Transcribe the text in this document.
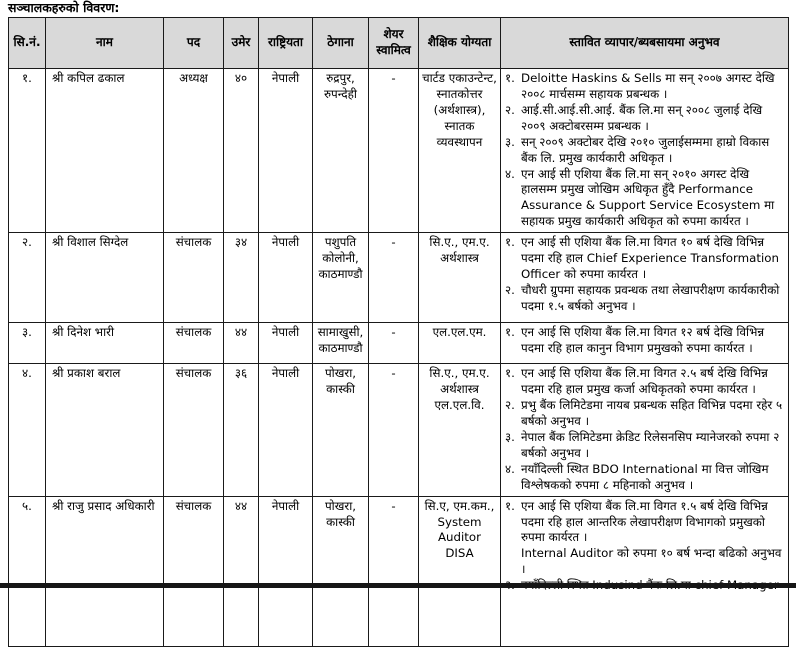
सञ्चालकहरुको विवरण:
सि.नं.	नाम	पद	उमेर	राष्ट्रियता	ठेगाना	शेयर स्वामित्व	शैक्षिक योग्यता	स्तावित व्यापार/ब्यबसायमा अनुभव
१.	श्री कपिल ढकाल	अध्यक्ष	४०	नेपाली	रुद्रपुर, रुपन्देही	-	चार्टड एकाउन्टेन्ट, स्नातकोत्तर (अर्थशास्त्र), स्नातक व्यवस्थापन	
१. Deloitte Haskins & Sells मा सन् २००७ अगस्ट देखि २००८ मार्चसम्म सहायक प्रबन्धक ।
२. आई.सी.आई.सी.आई. बैंक लि.मा सन् २००८ जुलाई देखि २००९ अक्टोबरसम्म प्रबन्धक ।
३. सन् २००९ अक्टोबर देखि २०१० जुलाईसम्ममा हाम्रो विकास बैंक लि. प्रमुख कार्यकारी अधिकृत ।
४. एन आई सी एशिया बैंक लि.मा सन् २०१० अगस्ट देखि हालसम्म प्रमुख जोखिम अधिकृत हुँदै Performance Assurance & Support Service Ecosystem मा सहायक प्रमुख कार्यकारी अधिकृत को रुपमा कार्यरत ।

२.	श्री विशाल सिग्देल	संचालक	३४	नेपाली	पशुपति कोलोनी, काठमाण्डौ	-	सि.ए., एम.ए. अर्थशास्त्र	१. एन आई सी एशिया बैंक लि.मा विगत १० बर्ष देखि विभिन्न पदमा रहि हाल Chief Experience Transformation Officer को रुपमा कार्यरत ।
२. चौधरी ग्रुपमा सहायक प्रवन्धक तथा लेखापरीक्षण कार्यकारीको पदमा १.५ बर्षको अनुभव ।

३.	श्री दिनेश भारी	संचालक	४४	नेपाली	सामाखुसी, काठमाण्डौ	-	एल.एल.एम.	१. एन आई सि एशिया बैंक लि.मा विगत १२ बर्ष देखि विभिन्न पदमा रहि हाल कानुन विभाग प्रमुखको रुपमा कार्यरत ।

४.	श्री प्रकाश बराल	संचालक	३६	नेपाली	पोखरा, कास्की	-	सि.ए., एम.ए. अर्थशास्त्र एल.एल.वि.	
१. एन आई सि एशिया बैंक लि.मा विगत २.५ बर्ष देखि विभिन्न पदमा रहि हाल प्रमुख कर्जा अधिकृतको रुपमा कार्यरत ।
२. प्रभु बैंक लिमिटेडमा नायब प्रबन्धक सहित विभिन्न पदमा रहेर ५ बर्षको अनुभव ।
३. नेपाल बैंक लिमिटेडमा क्रेडिट रिलेसनसिप म्यानेजरको रुपमा २ बर्षको अनुभव ।
४. नयाँदिल्ली स्थित BDO International मा वित्त जोखिम विश्लेषकको रुपमा ८ महिनाको अनुभव ।

५.	श्री राजु प्रसाद अधिकारी	संचालक	४४	नेपाली	पोखरा, कास्की	-	सि.ए, एम.कम., System Auditor DISA	१. एन आई सि एशिया बैंक लि.मा विगत १.५ बर्ष देखि विभिन्न पदमा रहि हाल आन्तरिक लेखापरीक्षण विभागको प्रमुखको रुपमा कार्यरत ।
Internal Auditor को रुपमा १० बर्ष भन्दा बढिको अनुभव ।
